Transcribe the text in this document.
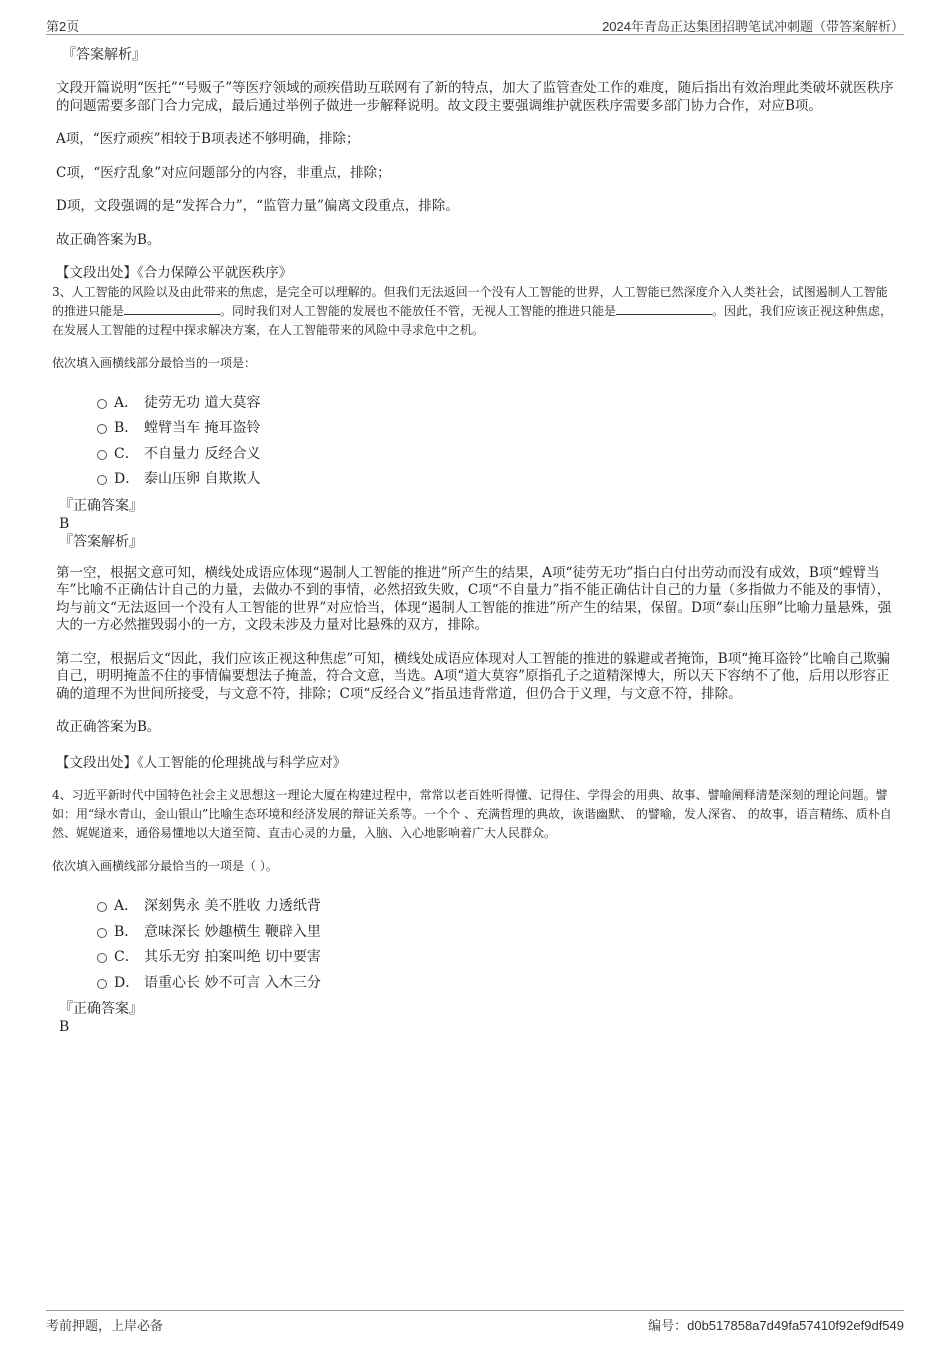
第2页	2024年青岛正达集团招聘笔试冲刺题（带答案解析）

『答案解析』

文段开篇说明“医托”“号贩子”等医疗领域的顽疾借助互联网有了新的特点，加大了监管查处工作的难度，随后指出有效治理此类破坏就医秩序的问题需要多部门合力完成，最后通过举例子做进一步解释说明。故文段主要强调维护就医秩序需要多部门协力合作，对应B项。

A项，“医疗顽疾”相较于B项表述不够明确，排除；

C项，“医疗乱象”对应问题部分的内容，非重点，排除；

D项，文段强调的是“发挥合力”，“监管力量”偏离文段重点，排除。

故正确答案为B。

【文段出处】《合力保障公平就医秩序》

3、人工智能的风险以及由此带来的焦虑，是完全可以理解的。但我们无法返回一个没有人工智能的世界，人工智能已然深度介入人类社会，试图遏制人工智能的推进只能是	。同时我们对人工智能的发展也不能放任不管，无视人工智能的推进只能是	。因此，我们应该正视这种焦虑，在发展人工智能的过程中探求解决方案，在人工智能带来的风险中寻求危中之机。

依次填入画横线部分最恰当的一项是：

A． 徒劳无功 道大莫容
B． 螳臂当车 掩耳盗铃
C． 不自量力 反经合义
D． 泰山压卵 自欺欺人

『正确答案』

B

『答案解析』

第一空，根据文意可知，横线处成语应体现“遏制人工智能的推进”所产生的结果，A项“徒劳无功”指白白付出劳动而没有成效，B项“螳臂当车”比喻不正确估计自己的力量，去做办不到的事情，必然招致失败，C项“不自量力”指不能正确估计自己的力量（多指做力不能及的事情），均与前文“无法返回一个没有人工智能的世界”对应恰当，体现“遏制人工智能的推进”所产生的结果，保留。D项“泰山压卵”比喻力量悬殊，强大的一方必然摧毁弱小的一方，文段未涉及力量对比悬殊的双方，排除。

第二空，根据后文“因此，我们应该正视这种焦虑”可知，横线处成语应体现对人工智能的推进的躲避或者掩饰，B项“掩耳盗铃”比喻自己欺骗自己，明明掩盖不住的事情偏要想法子掩盖，符合文意，当选。A项“道大莫容”原指孔子之道精深博大，所以天下容纳不了他，后用以形容正确的道理不为世间所接受，与文意不符，排除；C项“反经合义”指虽违背常道，但仍合于义理，与文意不符，排除。

故正确答案为B。

【文段出处】《人工智能的伦理挑战与科学应对》

4、习近平新时代中国特色社会主义思想这一理论大厦在构建过程中，常常以老百姓听得懂、记得住、学得会的用典、故事、譬喻阐释清楚深刻的理论问题。譬如：用“绿水青山，金山银山”比喻生态环境和经济发展的辩证关系等。一个个 、充满哲理的典故，诙谐幽默、 的譬喻，发人深省、 的故事，语言精练、质朴自然、娓娓道来，通俗易懂地以大道至简、直击心灵的力量，入脑、入心地影响着广大人民群众。

依次填入画横线部分最恰当的一项是（ ）。

A． 深刻隽永 美不胜收 力透纸背
B． 意味深长 妙趣横生 鞭辟入里
C． 其乐无穷 拍案叫绝 切中要害
D． 语重心长 妙不可言 入木三分

『正确答案』

B

考前押题，上岸必备	编号：d0b517858a7d49fa57410f92ef9df549
